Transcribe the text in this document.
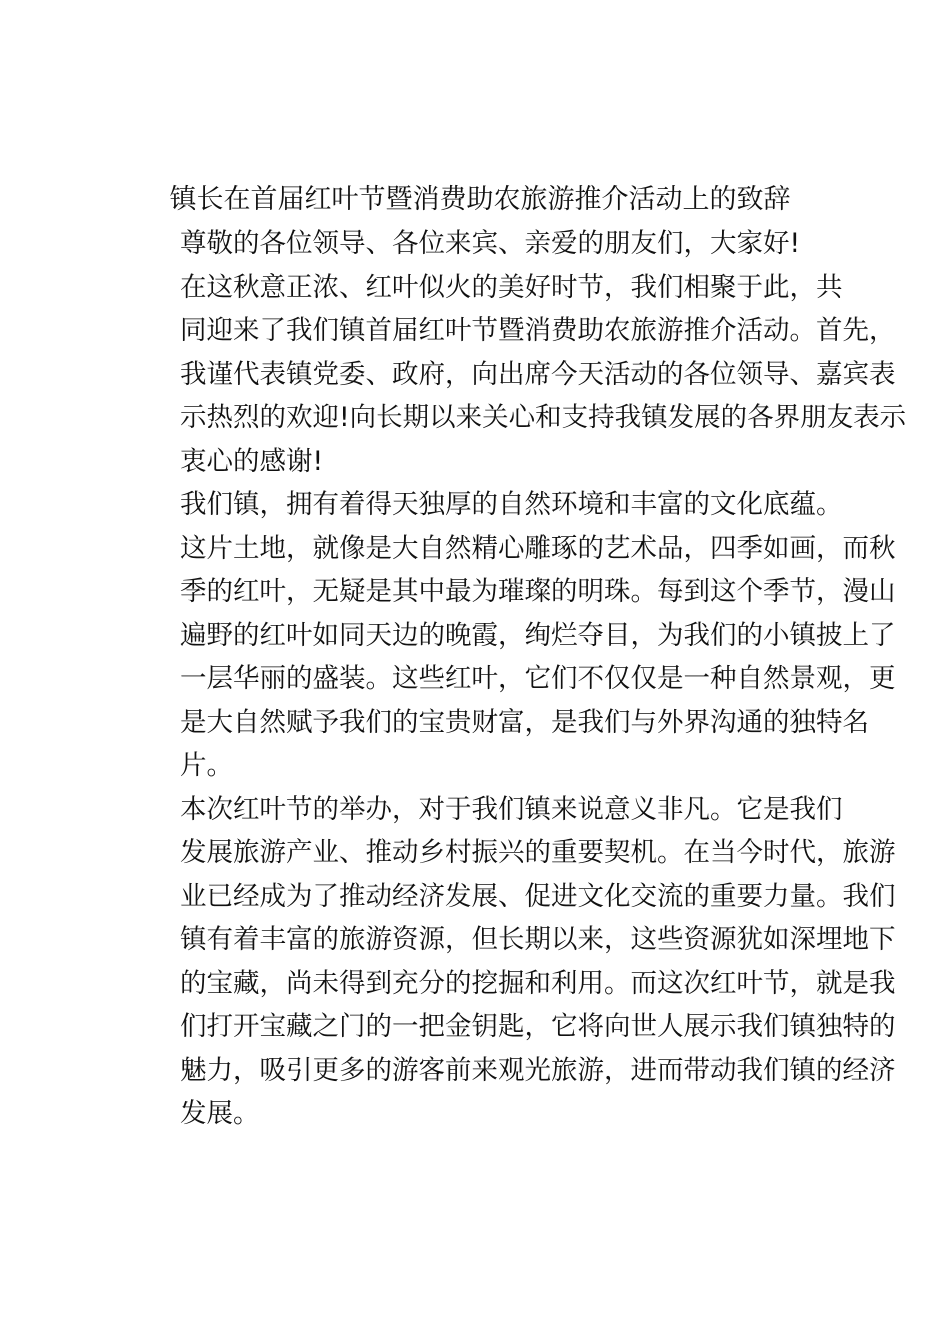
镇长在首届红叶节暨消费助农旅游推介活动上的致辞

尊敬的各位领导、各位来宾、亲爱的朋友们，大家好!

在这秋意正浓、红叶似火的美好时节，我们相聚于此，共
同迎来了我们镇首届红叶节暨消费助农旅游推介活动。首先，
我谨代表镇党委、政府，向出席今天活动的各位领导、嘉宾表
示热烈的欢迎!向长期以来关心和支持我镇发展的各界朋友表示
衷心的感谢!

我们镇，拥有着得天独厚的自然环境和丰富的文化底蕴。
这片土地，就像是大自然精心雕琢的艺术品，四季如画，而秋
季的红叶，无疑是其中最为璀璨的明珠。每到这个季节，漫山
遍野的红叶如同天边的晚霞，绚烂夺目，为我们的小镇披上了
一层华丽的盛装。这些红叶，它们不仅仅是一种自然景观，更
是大自然赋予我们的宝贵财富，是我们与外界沟通的独特名
片。

本次红叶节的举办，对于我们镇来说意义非凡。它是我们
发展旅游产业、推动乡村振兴的重要契机。在当今时代，旅游
业已经成为了推动经济发展、促进文化交流的重要力量。我们
镇有着丰富的旅游资源，但长期以来，这些资源犹如深埋地下
的宝藏，尚未得到充分的挖掘和利用。而这次红叶节，就是我
们打开宝藏之门的一把金钥匙，它将向世人展示我们镇独特的
魅力，吸引更多的游客前来观光旅游，进而带动我们镇的经济
发展。
